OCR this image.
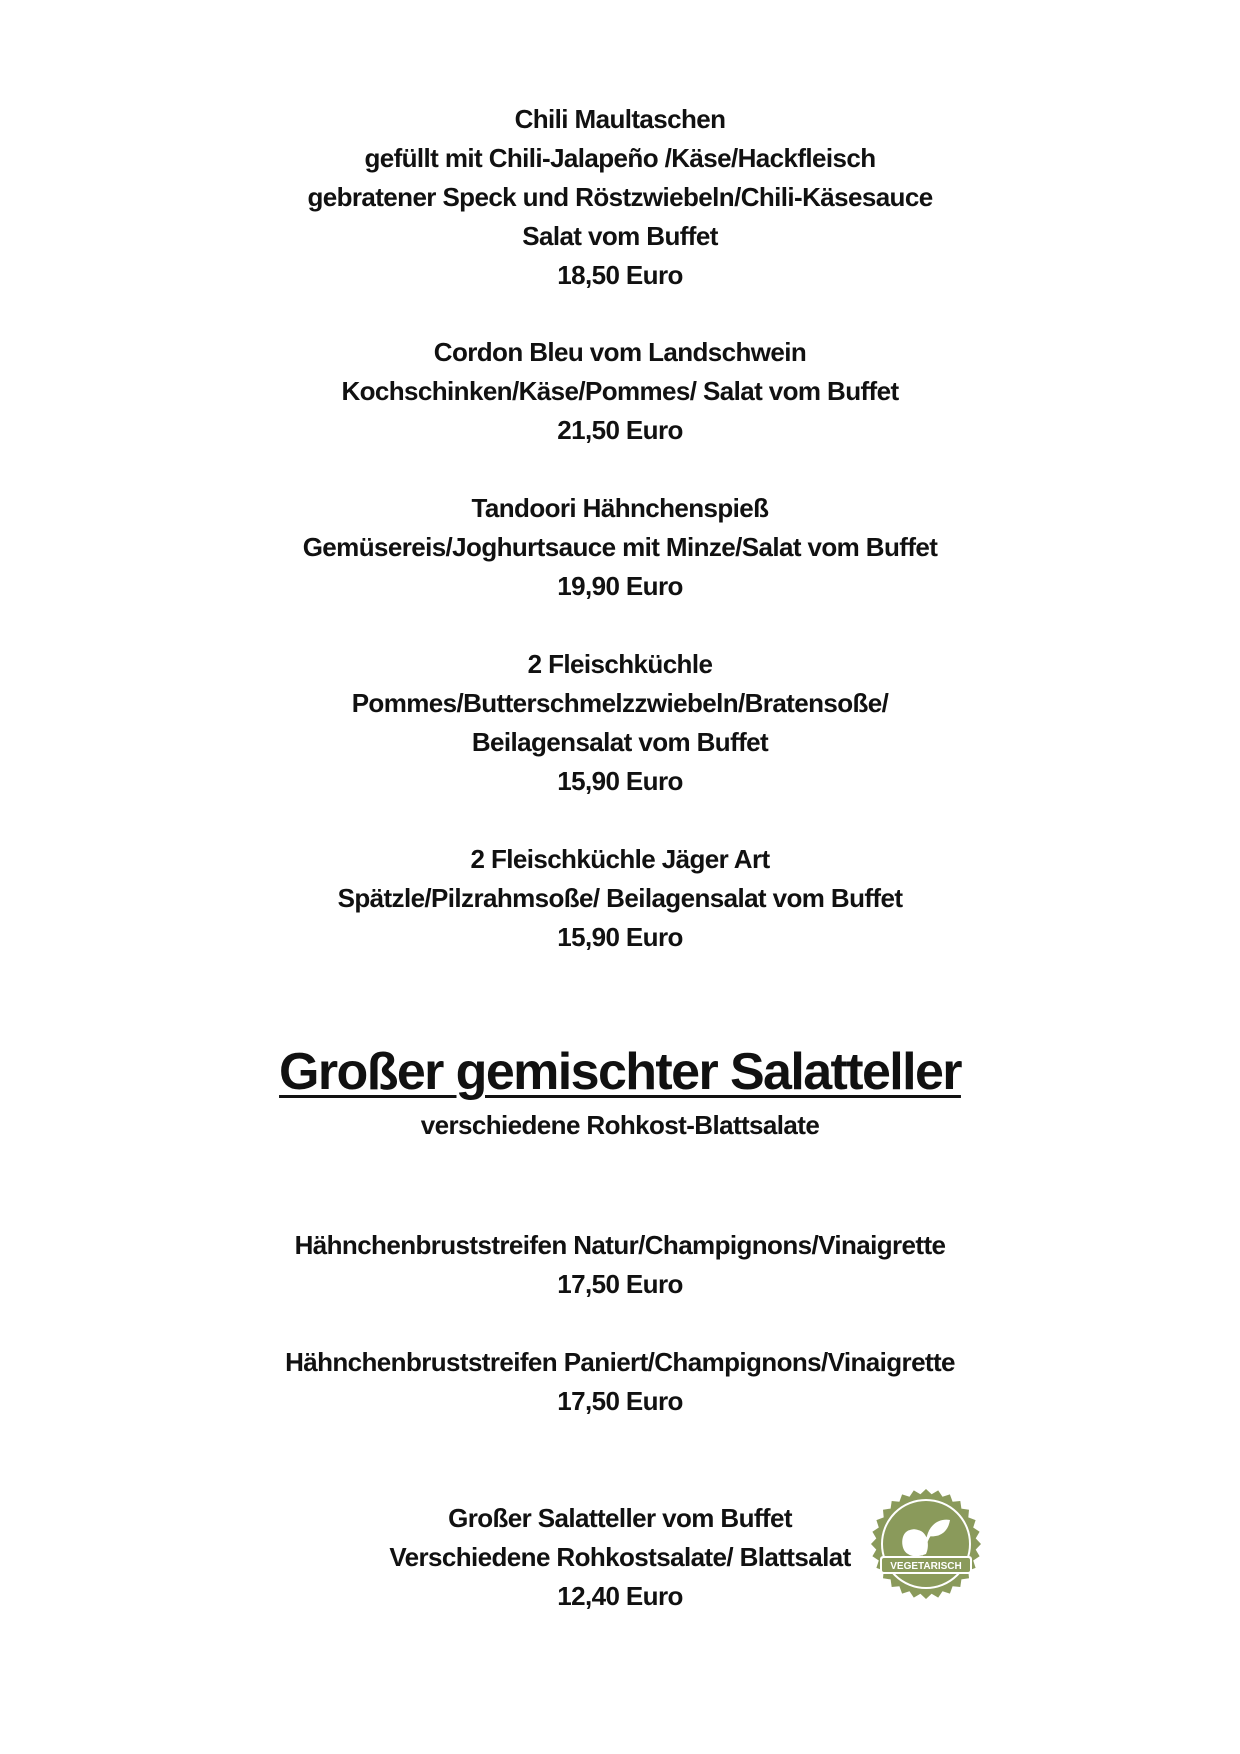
Chili Maultaschen
gefüllt mit Chili-Jalapeño /Käse/Hackfleisch
gebratener Speck und Röstzwiebeln/Chili-Käsesauce
Salat vom Buffet
18,50 Euro
Cordon Bleu vom Landschwein
Kochschinken/Käse/Pommes/ Salat vom Buffet
21,50 Euro
Tandoori Hähnchenspieß
Gemüsereis/Joghurtsauce mit Minze/Salat vom Buffet
19,90 Euro
2 Fleischküchle
Pommes/Butterschmelzzwiebeln/Bratensoße/
Beilagensalat vom Buffet
15,90 Euro
2 Fleischküchle Jäger Art
Spätzle/Pilzrahmsoße/ Beilagensalat vom Buffet
15,90 Euro
Großer gemischter Salatteller
verschiedene Rohkost-Blattsalate
Hähnchenbruststreifen Natur/Champignons/Vinaigrette
17,50 Euro
Hähnchenbruststreifen Paniert/Champignons/Vinaigrette
17,50 Euro
Großer Salatteller vom Buffet
Verschiedene Rohkostsalate/ Blattsalat
12,40 Euro
VEGETARISCH
